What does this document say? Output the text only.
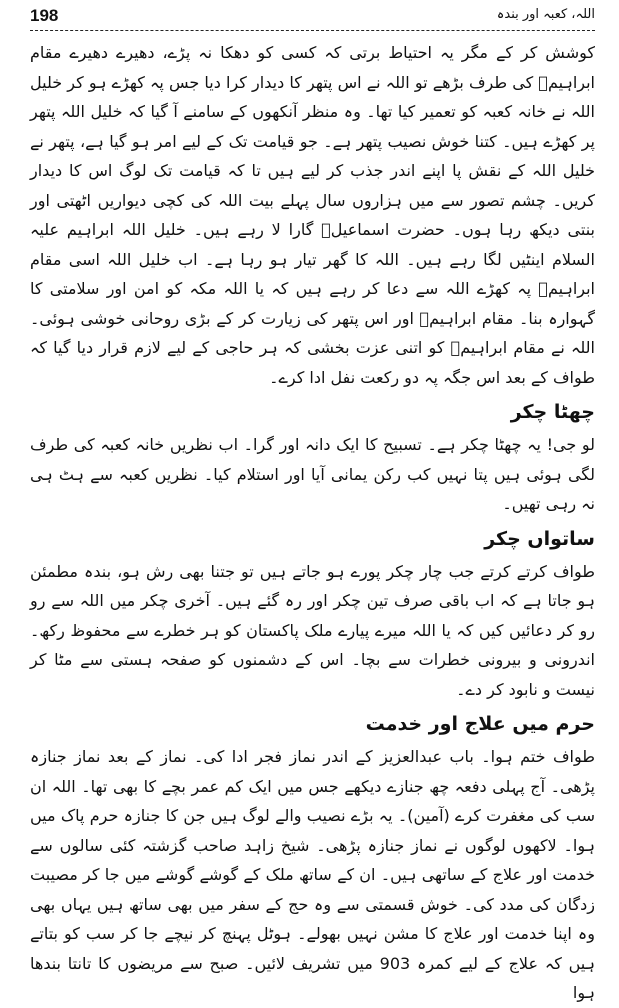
198	اللہ، کعبہ اور بندہ

کوشش کر کے مگر یہ احتیاط برتی کہ کسی کو دھکا نہ پڑے، دھیرے دھیرے مقام ابراہیمؑ کی طرف بڑھے تو اللہ نے اس پتھر کا دیدار کرا دیا جس پہ کھڑے ہو کر خلیل اللہ نے خانہ کعبہ کو تعمیر کیا تھا۔ وہ منظر آنکھوں کے سامنے آ گیا کہ خلیل اللہ پتھر پر کھڑے ہیں۔ کتنا خوش نصیب پتھر ہے۔ جو قیامت تک کے لیے امر ہو گیا ہے، پتھر نے خلیل اللہ کے نقش پا اپنے اندر جذب کر لیے ہیں تا کہ قیامت تک لوگ اس کا دیدار کریں۔ چشم تصور سے میں ہزاروں سال پہلے بیت اللہ کی کچی دیواریں اٹھتی اور بنتی دیکھ رہا ہوں۔ حضرت اسماعیلؑ گارا لا رہے ہیں۔ خلیل اللہ ابراہیم علیہ السلام اینٹیں لگا رہے ہیں۔ اللہ کا گھر تیار ہو رہا ہے۔ اب خلیل اللہ اسی مقام ابراہیمؑ پہ کھڑے اللہ سے دعا کر رہے ہیں کہ یا اللہ مکہ کو امن اور سلامتی کا گہوارہ بنا۔ مقام ابراہیمؑ اور اس پتھر کی زیارت کر کے بڑی روحانی خوشی ہوئی۔ اللہ نے مقام ابراہیمؑ کو اتنی عزت بخشی کہ ہر حاجی کے لیے لازم قرار دیا گیا کہ طواف کے بعد اس جگہ پہ دو رکعت نفل ادا کرے۔

چھٹا چکر

لو جی! یہ چھٹا چکر ہے۔ تسبیح کا ایک دانہ اور گرا۔ اب نظریں خانہ کعبہ کی طرف لگی ہوئی ہیں پتا نہیں کب رکن یمانی آیا اور استلام کیا۔ نظریں کعبہ سے ہٹ ہی نہ رہی تھیں۔

ساتواں چکر

طواف کرتے کرتے جب چار چکر پورے ہو جاتے ہیں تو جتنا بھی رش ہو، بندہ مطمئن ہو جاتا ہے کہ اب باقی صرف تین چکر اور رہ گئے ہیں۔ آخری چکر میں اللہ سے رو رو کر دعائیں کیں کہ یا اللہ میرے پیارے ملک پاکستان کو ہر خطرے سے محفوظ رکھ۔ اندرونی و بیرونی خطرات سے بچا۔ اس کے دشمنوں کو صفحہ ہستی سے مٹا کر نیست و نابود کر دے۔

حرم میں علاج اور خدمت

طواف ختم ہوا۔ باب عبدالعزیز کے اندر نماز فجر ادا کی۔ نماز کے بعد نماز جنازہ پڑھی۔ آج پہلی دفعہ چھ جنازے دیکھے جس میں ایک کم عمر بچے کا بھی تھا۔ اللہ ان سب کی مغفرت کرے (آمین)۔ یہ بڑے نصیب والے لوگ ہیں جن کا جنازہ حرم پاک میں ہوا۔ لاکھوں لوگوں نے نماز جنازہ پڑھی۔ شیخ زاہد صاحب گزشتہ کئی سالوں سے خدمت اور علاج کے ساتھی ہیں۔ ان کے ساتھ ملک کے گوشے گوشے میں جا کر مصیبت زدگان کی مدد کی۔ خوش قسمتی سے وہ حج کے سفر میں بھی ساتھ ہیں یہاں بھی وہ اپنا خدمت اور علاج کا مشن نہیں بھولے۔ ہوٹل پہنچ کر نیچے جا کر سب کو بتاتے ہیں کہ علاج کے لیے کمرہ 903 میں تشریف لائیں۔ صبح سے مریضوں کا تانتا بندھا ہوا
